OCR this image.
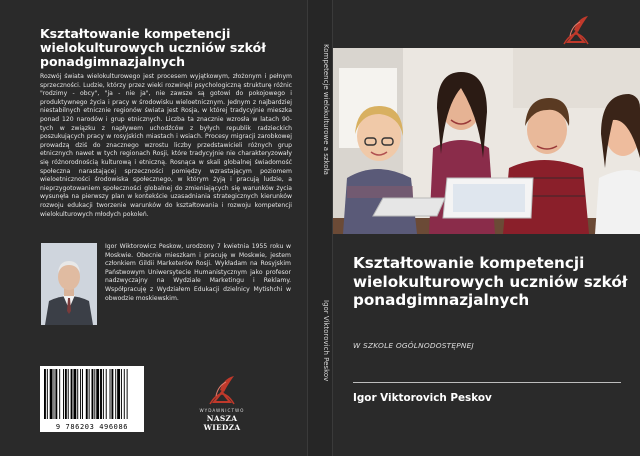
Kształtowanie kompetencji wielokulturowych uczniów szkół ponadgimnazjalnych
Rozwój świata wielokulturowego jest procesem wyjątkowym, złożonym i pełnym sprzeczności. Ludzie, którzy przez wieki rozwinęli psychologiczną strukturę różnic "rodzimy - obcy", "ja - nie ja", nie zawsze są gotowi do pokojowego i produktywnego życia i pracy w środowisku wieloetnicznym. Jednym z najbardziej niestabilnych etnicznie regionów świata jest Rosja, w której tradycyjnie mieszka ponad 120 narodów i grup etnicznych. Liczba ta znacznie wzrosła w latach 90-tych w związku z napływem uchodźców z byłych republik radzieckich poszukujących pracy w rosyjskich miastach i wsiach. Procesy migracji zarobkowej prowadzą dziś do znacznego wzrostu liczby przedstawicieli różnych grup etnicznych nawet w tych regionach Rosji, które tradycyjnie nie charakteryzowały się różnorodnością kulturową i etniczną. Rosnąca w skali globalnej świadomość społeczna narastającej sprzeczności pomiędzy wzrastającym poziomem wieloetniczności środowiska społecznego, w którym żyją i pracują ludzie, a nieprzygotowaniem społeczności globalnej do zmieniających się warunków życia wysunęła na pierwszy plan w kontekście uzasadniania strategicznych kierunków rozwoju edukacji tworzenie warunków do kształtowania i rozwoju kompetencji wielokulturowych młodych pokoleń.
Igor Wiktorowicz Peskow, urodzony 7 kwietnia 1955 roku w Moskwie. Obecnie mieszkam i pracuję w Moskwie, jestem członkiem Gildii Marketerów Rosji. Wykładam na Rosyjskim Państwowym Uniwersytecie Humanistycznym jako profesor nadzwyczajny na Wydziale Marketingu i Reklamy. Współpracuję z Wydziałem Edukacji dzielnicy Mytishchi w obwodzie moskiewskim.
9 786203 496086
WYDAWNICTWO
NASZA WIEDZA
Kompetencje wielokulturowe a szkoła
Igor Viktorovich Peskov
Kształtowanie kompetencji wielokulturowych uczniów szkół ponadgimnazjalnych
W SZKOLE OGÓLNODOSTĘPNEJ
Igor Viktorovich Peskov
